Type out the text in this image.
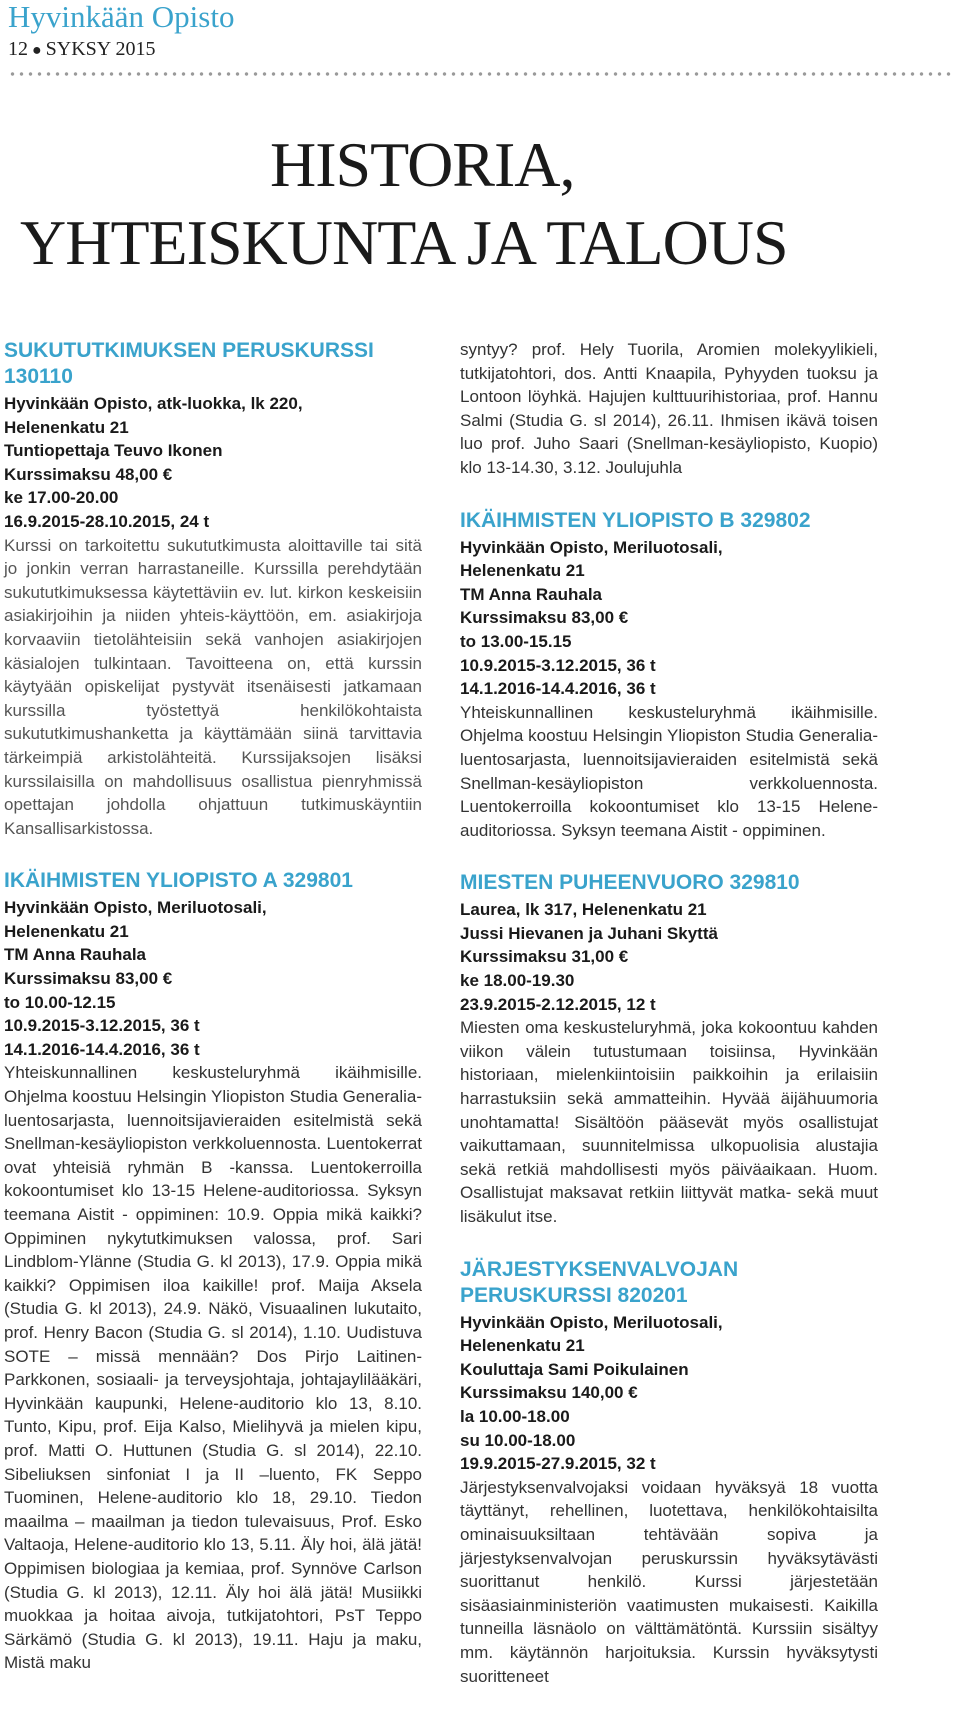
Hyvinkään Opisto
12 ● SYKSY 2015
HISTORIA,
YHTEISKUNTA JA TALOUS
SUKUTUTKIMUKSEN PERUSKURSSI 130110
Hyvinkään Opisto, atk-luokka, lk 220,
Helenenkatu 21
Tuntiopettaja Teuvo Ikonen
Kurssimaksu 48,00 €
ke 17.00-20.00
16.9.2015-28.10.2015, 24 t
Kurssi on tarkoitettu sukututkimusta aloittaville tai sitä jo jonkin verran harrastaneille. Kurssilla perehdytään sukututkimuksessa käytettäviin ev. lut. kirkon keskeisiin asiakirjoihin ja niiden yhteis-käyttöön, em. asiakirjoja korvaaviin tietolähteisiin sekä vanhojen asiakirjojen käsialojen tulkintaan. Tavoitteena on, että kurssin käytyään opiskelijat pystyvät itsenäisesti jatkamaan kurssilla työstettyä henkilökohtaista sukututkimushanketta ja käyttämään siinä tarvittavia tärkeimpiä arkistolähteitä. Kurssijaksojen lisäksi kurssilaisilla on mahdollisuus osallistua pienryhmissä opettajan johdolla ohjattuun tutkimuskäyntiin Kansallisarkistossa.
IKÄIHMISTEN YLIOPISTO A 329801
Hyvinkään Opisto, Meriluotosali,
Helenenkatu 21
TM Anna Rauhala
Kurssimaksu 83,00 €
to 10.00-12.15
10.9.2015-3.12.2015, 36 t
14.1.2016-14.4.2016, 36 t
Yhteiskunnallinen keskusteluryhmä ikäihmisille. Ohjelma koostuu Helsingin Yliopiston Studia Generalia-luentosarjasta, luennoitsijavieraiden esitelmistä sekä Snellman-kesäyliopiston verkkoluennosta. Luentokerrat ovat yhteisiä ryhmän B -kanssa. Luentokerroilla kokoontumiset klo 13-15 Helene-auditoriossa. Syksyn teemana Aistit - oppiminen: 10.9. Oppia mikä kaikki? Oppiminen nykytutkimuksen valossa, prof. Sari Lindblom-Ylänne (Studia G. kl 2013), 17.9. Oppia mikä kaikki? Oppimisen iloa kaikille! prof. Maija Aksela (Studia G. kl 2013), 24.9. Näkö, Visuaalinen lukutaito, prof. Henry Bacon (Studia G. sl 2014), 1.10. Uudistuva SOTE – missä mennään? Dos Pirjo Laitinen-Parkkonen, sosiaali- ja terveysjohtaja, johtajaylilääkäri, Hyvinkään kaupunki, Helene-auditorio klo 13, 8.10. Tunto, Kipu, prof. Eija Kalso, Mielihyvä ja mielen kipu, prof. Matti O. Huttunen (Studia G. sl 2014), 22.10. Sibeliuksen sinfoniat I ja II –luento, FK Seppo Tuominen, Helene-auditorio klo 18, 29.10. Tiedon maailma – maailman ja tiedon tulevaisuus, Prof. Esko Valtaoja, Helene-auditorio klo 13, 5.11. Äly hoi, älä jätä! Oppimisen biologiaa ja kemiaa, prof. Synnöve Carlson (Studia G. kl 2013), 12.11. Äly hoi älä jätä! Musiikki muokkaa ja hoitaa aivoja, tutkijatohtori, PsT Teppo Särkämö (Studia G. kl 2013), 19.11. Haju ja maku, Mistä maku
syntyy? prof. Hely Tuorila, Aromien molekyylikieli, tutkijatohtori, dos. Antti Knaapila, Pyhyyden tuoksu ja Lontoon löyhkä. Hajujen kulttuurihistoriaa, prof. Hannu Salmi (Studia G. sl 2014), 26.11. Ihmisen ikävä toisen luo prof. Juho Saari (Snellman-kesäyliopisto, Kuopio) klo 13-14.30, 3.12. Joulujuhla
IKÄIHMISTEN YLIOPISTO B 329802
Hyvinkään Opisto, Meriluotosali,
Helenenkatu 21
TM Anna Rauhala
Kurssimaksu 83,00 €
to 13.00-15.15
10.9.2015-3.12.2015, 36 t
14.1.2016-14.4.2016, 36 t
Yhteiskunnallinen keskusteluryhmä ikäihmisille. Ohjelma koostuu Helsingin Yliopiston Studia Generalia-luentosarjasta, luennoitsijavieraiden esitelmistä sekä Snellman-kesäyliopiston verkkoluennosta. Luentokerroilla kokoontumiset klo 13-15 Helene-auditoriossa. Syksyn teemana Aistit - oppiminen.
MIESTEN PUHEENVUORO 329810
Laurea, lk 317, Helenenkatu 21
Jussi Hievanen ja Juhani Skyttä
Kurssimaksu 31,00 €
ke 18.00-19.30
23.9.2015-2.12.2015, 12 t
Miesten oma keskusteluryhmä, joka kokoontuu kahden viikon välein tutustumaan toisiinsa, Hyvinkään historiaan, mielenkiintoisiin paikkoihin ja erilaisiin harrastuksiin sekä ammatteihin. Hyvää äijähuumoria unohtamatta! Sisältöön pääsevät myös osallistujat vaikuttamaan, suunnitelmissa ulkopuolisia alustajia sekä retkiä mahdollisesti myös päiväaikaan. Huom. Osallistujat maksavat retkiin liittyvät matka- sekä muut lisäkulut itse.
JÄRJESTYKSENVALVOJAN
PERUSKURSSI 820201
Hyvinkään Opisto, Meriluotosali,
Helenenkatu 21
Kouluttaja Sami Poikulainen
Kurssimaksu 140,00 €
la 10.00-18.00
su 10.00-18.00
19.9.2015-27.9.2015, 32 t
Järjestyksenvalvojaksi voidaan hyväksyä 18 vuotta täyttänyt, rehellinen, luotettava, henkilökohtaisilta ominaisuuksiltaan tehtävään sopiva ja järjestyksenvalvojan peruskurssin hyväksytävästi suorittanut henkilö. Kurssi järjestetään sisäasiainministeriön vaatimusten mukaisesti. Kaikilla tunneilla läsnäolo on välttämätöntä. Kurssiin sisältyy mm. käytännön harjoituksia. Kurssin hyväksytysti suoritteneet
